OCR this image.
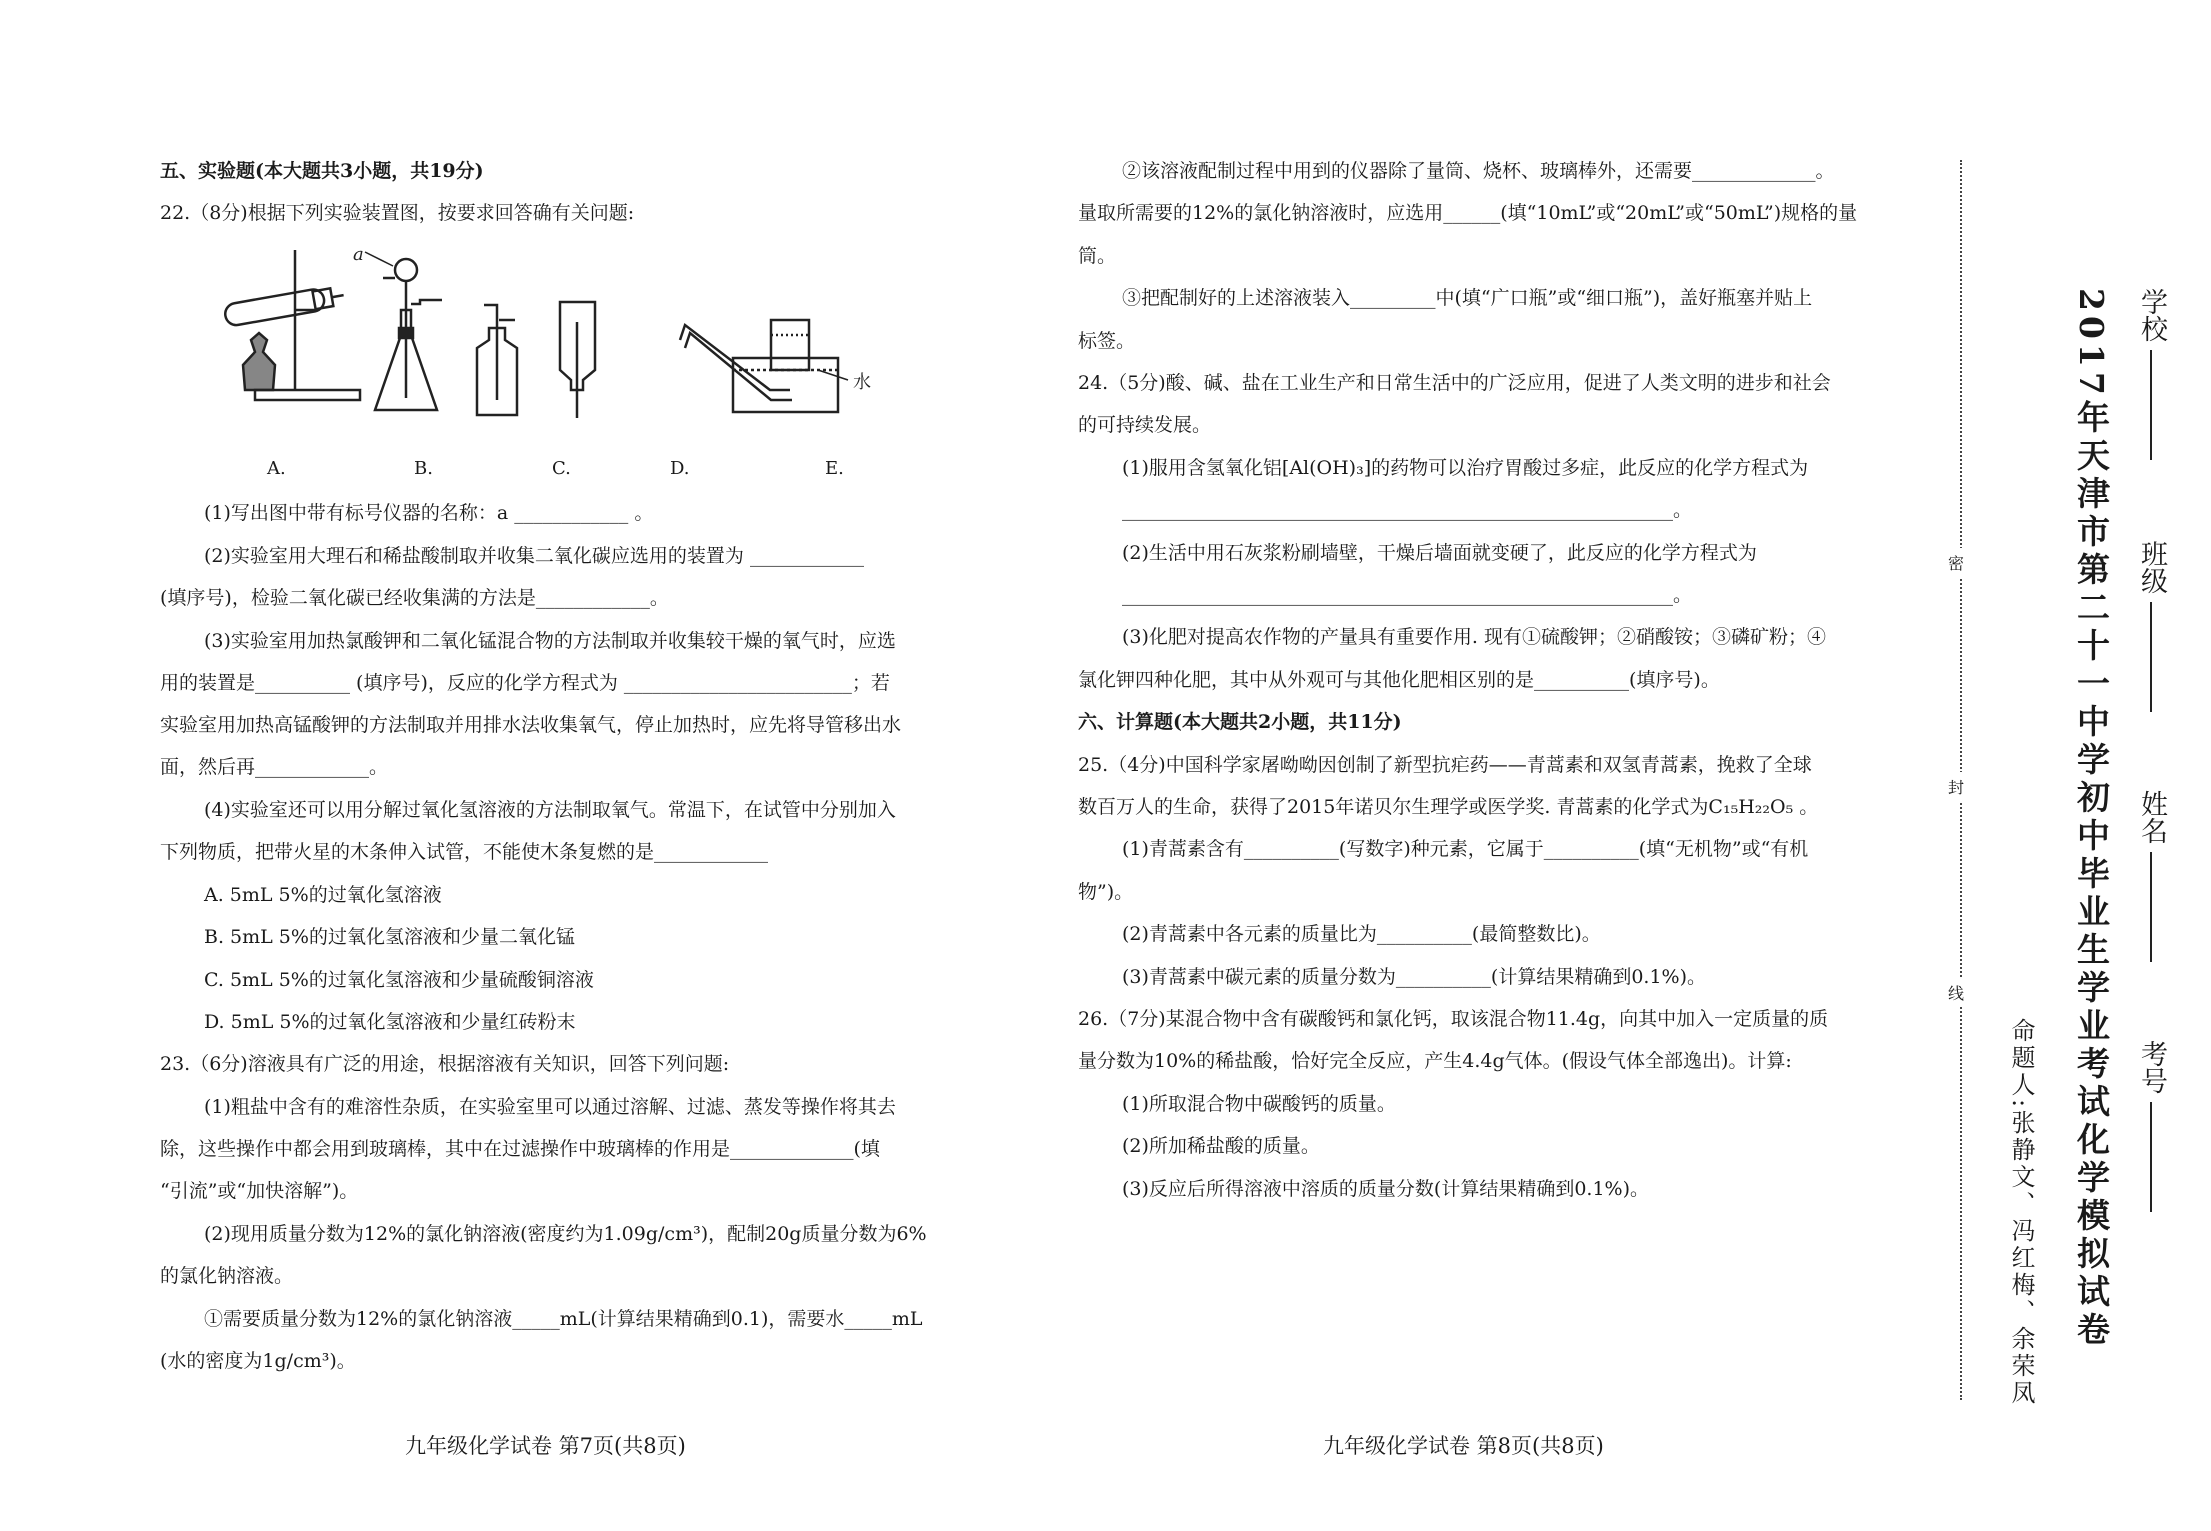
五、实验题(本大题共3小题，共19分)
22.（8分)根据下列实验装置图，按要求回答确有关问题:
(1)写出图中带有标号仪器的名称：a ____________ 。
(2)实验室用大理石和稀盐酸制取并收集二氧化碳应选用的装置为 ____________
(填序号)，检验二氧化碳已经收集满的方法是____________。
(3)实验室用加热氯酸钾和二氧化锰混合物的方法制取并收集较干燥的氧气时，应选
用的装置是__________ (填序号)，反应的化学方程式为 ________________________；若
实验室用加热高锰酸钾的方法制取并用排水法收集氧气，停止加热时，应先将导管移出水
面，然后再____________。
(4)实验室还可以用分解过氧化氢溶液的方法制取氧气。常温下，在试管中分别加入
下列物质，把带火星的木条伸入试管，不能使木条复燃的是____________
A. 5mL 5%的过氧化氢溶液
B. 5mL 5%的过氧化氢溶液和少量二氧化锰
C. 5mL 5%的过氧化氢溶液和少量硫酸铜溶液
D. 5mL 5%的过氧化氢溶液和少量红砖粉末
23.（6分)溶液具有广泛的用途，根据溶液有关知识，回答下列问题:
(1)粗盐中含有的难溶性杂质，在实验室里可以通过溶解、过滤、蒸发等操作将其去
除，这些操作中都会用到玻璃棒，其中在过滤操作中玻璃棒的作用是_____________(填
“引流”或“加快溶解”)。
(2)现用质量分数为12%的氯化钠溶液(密度约为1.09g/cm³)，配制20g质量分数为6%
的氯化钠溶液。
①需要质量分数为12%的氯化钠溶液_____mL(计算结果精确到0.1)，需要水_____mL
(水的密度为1g/cm³)。
a
水
A.	B.	C.	D.	E.
②该溶液配制过程中用到的仪器除了量筒、烧杯、玻璃棒外，还需要_____________。
量取所需要的12%的氯化钠溶液时，应选用______(填“10mL”或“20mL”或“50mL”)规格的量
筒。
③把配制好的上述溶液装入_________中(填“广口瓶”或“细口瓶”)，盖好瓶塞并贴上
标签。
24.（5分)酸、碱、盐在工业生产和日常生活中的广泛应用，促进了人类文明的进步和社会
的可持续发展。
(1)服用含氢氧化铝[Al(OH)₃]的药物可以治疗胃酸过多症，此反应的化学方程式为
__________________________________________________________。
(2)生活中用石灰浆粉刷墙壁，干燥后墙面就变硬了，此反应的化学方程式为
__________________________________________________________。
(3)化肥对提高农作物的产量具有重要作用. 现有①硫酸钾；②硝酸铵；③磷矿粉；④
氯化钾四种化肥，其中从外观可与其他化肥相区别的是__________(填序号)。
六、计算题(本大题共2小题，共11分)
25.（4分)中国科学家屠呦呦因创制了新型抗疟药——青蒿素和双氢青蒿素，挽救了全球
数百万人的生命，获得了2015年诺贝尔生理学或医学奖. 青蒿素的化学式为C₁₅H₂₂O₅ 。
(1)青蒿素含有__________(写数字)种元素，它属于__________(填“无机物”或“有机
物”)。
(2)青蒿素中各元素的质量比为__________(最简整数比)。
(3)青蒿素中碳元素的质量分数为__________(计算结果精确到0.1%)。
26.（7分)某混合物中含有碳酸钙和氯化钙，取该混合物11.4g，向其中加入一定质量的质
量分数为10%的稀盐酸，恰好完全反应，产生4.4g气体。(假设气体全部逸出)。计算:
(1)所取混合物中碳酸钙的质量。
(2)所加稀盐酸的质量。
(3)反应后所得溶液中溶质的质量分数(计算结果精确到0.1%)。
九年级化学试卷 第7页(共8页)	九年级化学试卷 第8页(共8页)
密
封
线	2017年天津市第二十一中学初中毕业生学业考试化学模拟试卷 学校
班级
姓名
考号
命题人:张静文、冯红梅、余荣凤
